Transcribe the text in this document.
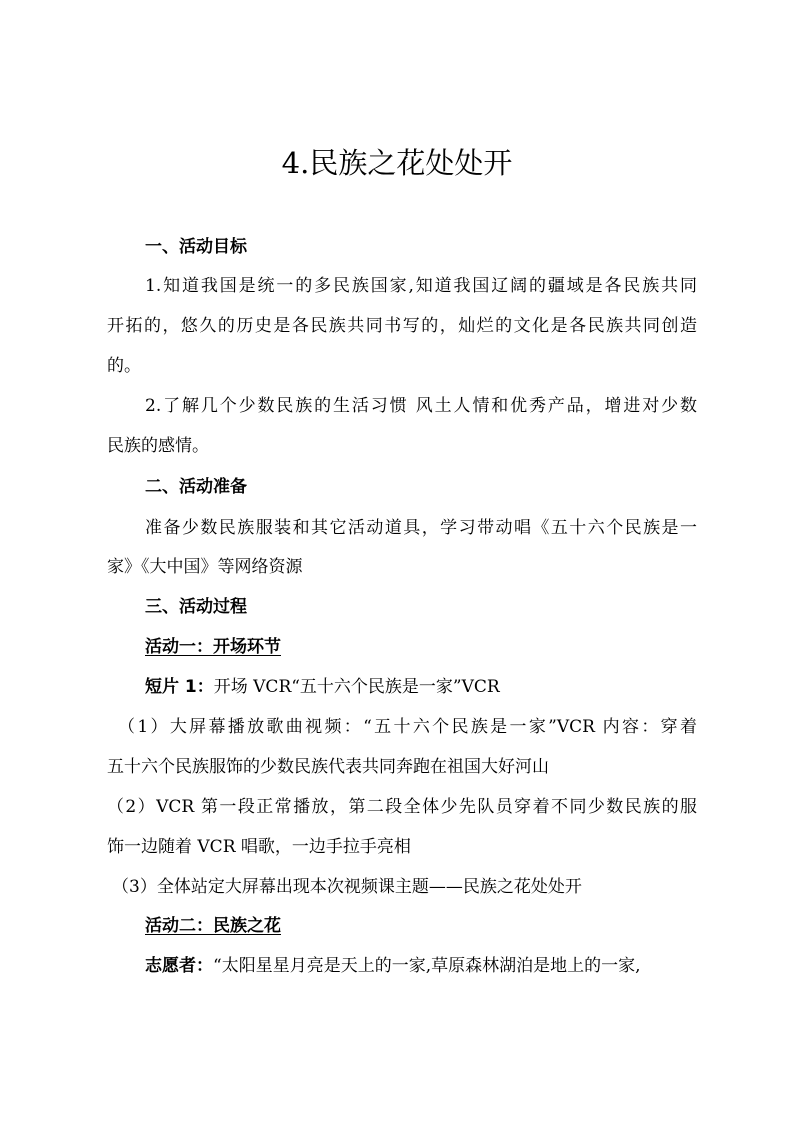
4.民族之花处处开
一、活动目标
1.知道我国是统一的多民族国家,知道我国辽阔的疆域是各民族共同
开拓的，悠久的历史是各民族共同书写的，灿烂的文化是各民族共同创造
的。
2.了解几个少数民族的生活习惯 风土人情和优秀产品，增进对少数
民族的感情。
二、活动准备
准备少数民族服装和其它活动道具，学习带动唱《五十六个民族是一
家》《大中国》等网络资源
三、活动过程
活动一：开场环节
短片 1：开场 VCR“五十六个民族是一家”VCR
（1）大屏幕播放歌曲视频：“五十六个民族是一家”VCR 内容：穿着
五十六个民族服饰的少数民族代表共同奔跑在祖国大好河山
（2）VCR 第一段正常播放，第二段全体少先队员穿着不同少数民族的服
饰一边随着 VCR 唱歌，一边手拉手亮相
（3）全体站定大屏幕出现本次视频课主题——民族之花处处开
活动二：民族之花
志愿者：“太阳星星月亮是天上的一家,草原森林湖泊是地上的一家,
